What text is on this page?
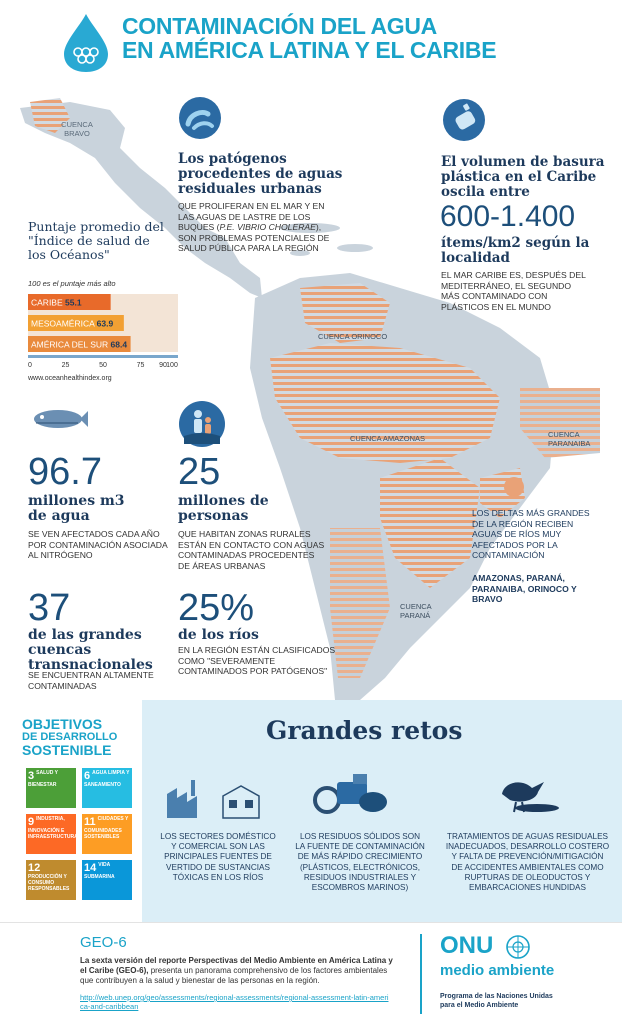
CONTAMINACIÓN DEL AGUA
EN AMÉRICA LATINA Y EL CARIBE
CUENCA BRAVO
CUENCA ORINOCO
CUENCA AMAZONAS	CUENCA PARANAIBA
CUENCA PARANÁ
Los patógenos procedentes de aguas residuales urbanas
QUE PROLIFERAN EN EL MAR Y EN LAS AGUAS DE LASTRE DE LOS BUQUES (P.E. VIBRIO CHOLERAE), SON PROBLEMAS POTENCIALES DE SALUD PÚBLICA PARA LA REGIÓN
El volumen de basura plástica en el Caribe oscila entre
600-1.400
ítems/km2 según la localidad
EL MAR CARIBE ES, DESPUÉS DEL MEDITERRÁNEO, EL SEGUNDO MÁS CONTAMINADO CON PLÁSTICOS EN EL MUNDO
Puntaje promedio del "Índice de salud de los Océanos"
100 es el puntaje más alto
CARIBE 55.1
MESOAMÉRICA 63.9
AMÉRICA DEL SUR 68.4
0	25	50	75 90 100
www.oceanhealthindex.org
96.7
millones m3 de agua
SE VEN AFECTADOS CADA AÑO POR CONTAMINACIÓN ASOCIADA AL NITRÓGENO
25
millones de personas
QUE HABITAN ZONAS RURALES ESTÁN EN CONTACTO CON AGUAS CONTAMINADAS PROCEDENTES DE ÁREAS URBANAS
37
de las grandes cuencas transnacionales
SE ENCUENTRAN ALTAMENTE CONTAMINADAS
25%
de los ríos
EN LA REGIÓN ESTÁN CLASIFICADOS COMO "SEVERAMENTE CONTAMINADOS POR PATÓGENOS"
LOS DELTAS MÁS GRANDES DE LA REGIÓN RECIBEN AGUAS DE RÍOS MUY AFECTADOS POR LA CONTAMINACIÓN
AMAZONAS, PARANÁ, PARANAIBA, ORINOCO Y BRAVO
OBJETIVOS
DE DESARROLLO
SOSTENIBLE
3 SALUD Y BIENESTAR
6 AGUA LIMPIA Y SANEAMIENTO
9 INDUSTRIA, INNOVACIÓN E INFRAESTRUCTURA
11 CIUDADES Y COMUNIDADES SOSTENIBLES
12PRODUCCIÓN Y CONSUMO RESPONSABLES
14 VIDA SUBMARINA
Grandes retos
LOS SECTORES DOMÉSTICO Y COMERCIAL SON LAS PRINCIPALES FUENTES DE VERTIDO DE SUSTANCIAS TÓXICAS EN LOS RÍOS
LOS RESIDUOS SÓLIDOS SON LA FUENTE DE CONTAMINACIÓN DE MÁS RÁPIDO CRECIMIENTO (PLÁSTICOS, ELECTRÓNICOS, RESIDUOS INDUSTRIALES Y ESCOMBROS MARINOS)
TRATAMIENTOS DE AGUAS RESIDUALES INADECUADOS, DESARROLLO COSTERO Y FALTA DE PREVENCIÓN/MITIGACIÓN DE ACCIDENTES AMBIENTALES COMO RUPTURAS DE OLEODUCTOS Y EMBARCACIONES HUNDIDAS
GEO-6
La sexta versión del reporte Perspectivas del Medio Ambiente en América Latina y el Caribe (GEO-6), presenta un panorama comprehensivo de los factores ambientales que contribuyen a la salud y bienestar de las personas en la región.
http://web.unep.org/geo/assessments/regional-assessments/regional-assessment-latin-america-and-caribbean
ONU
medio ambiente
Programa de las Naciones Unidas para el Medio Ambiente
